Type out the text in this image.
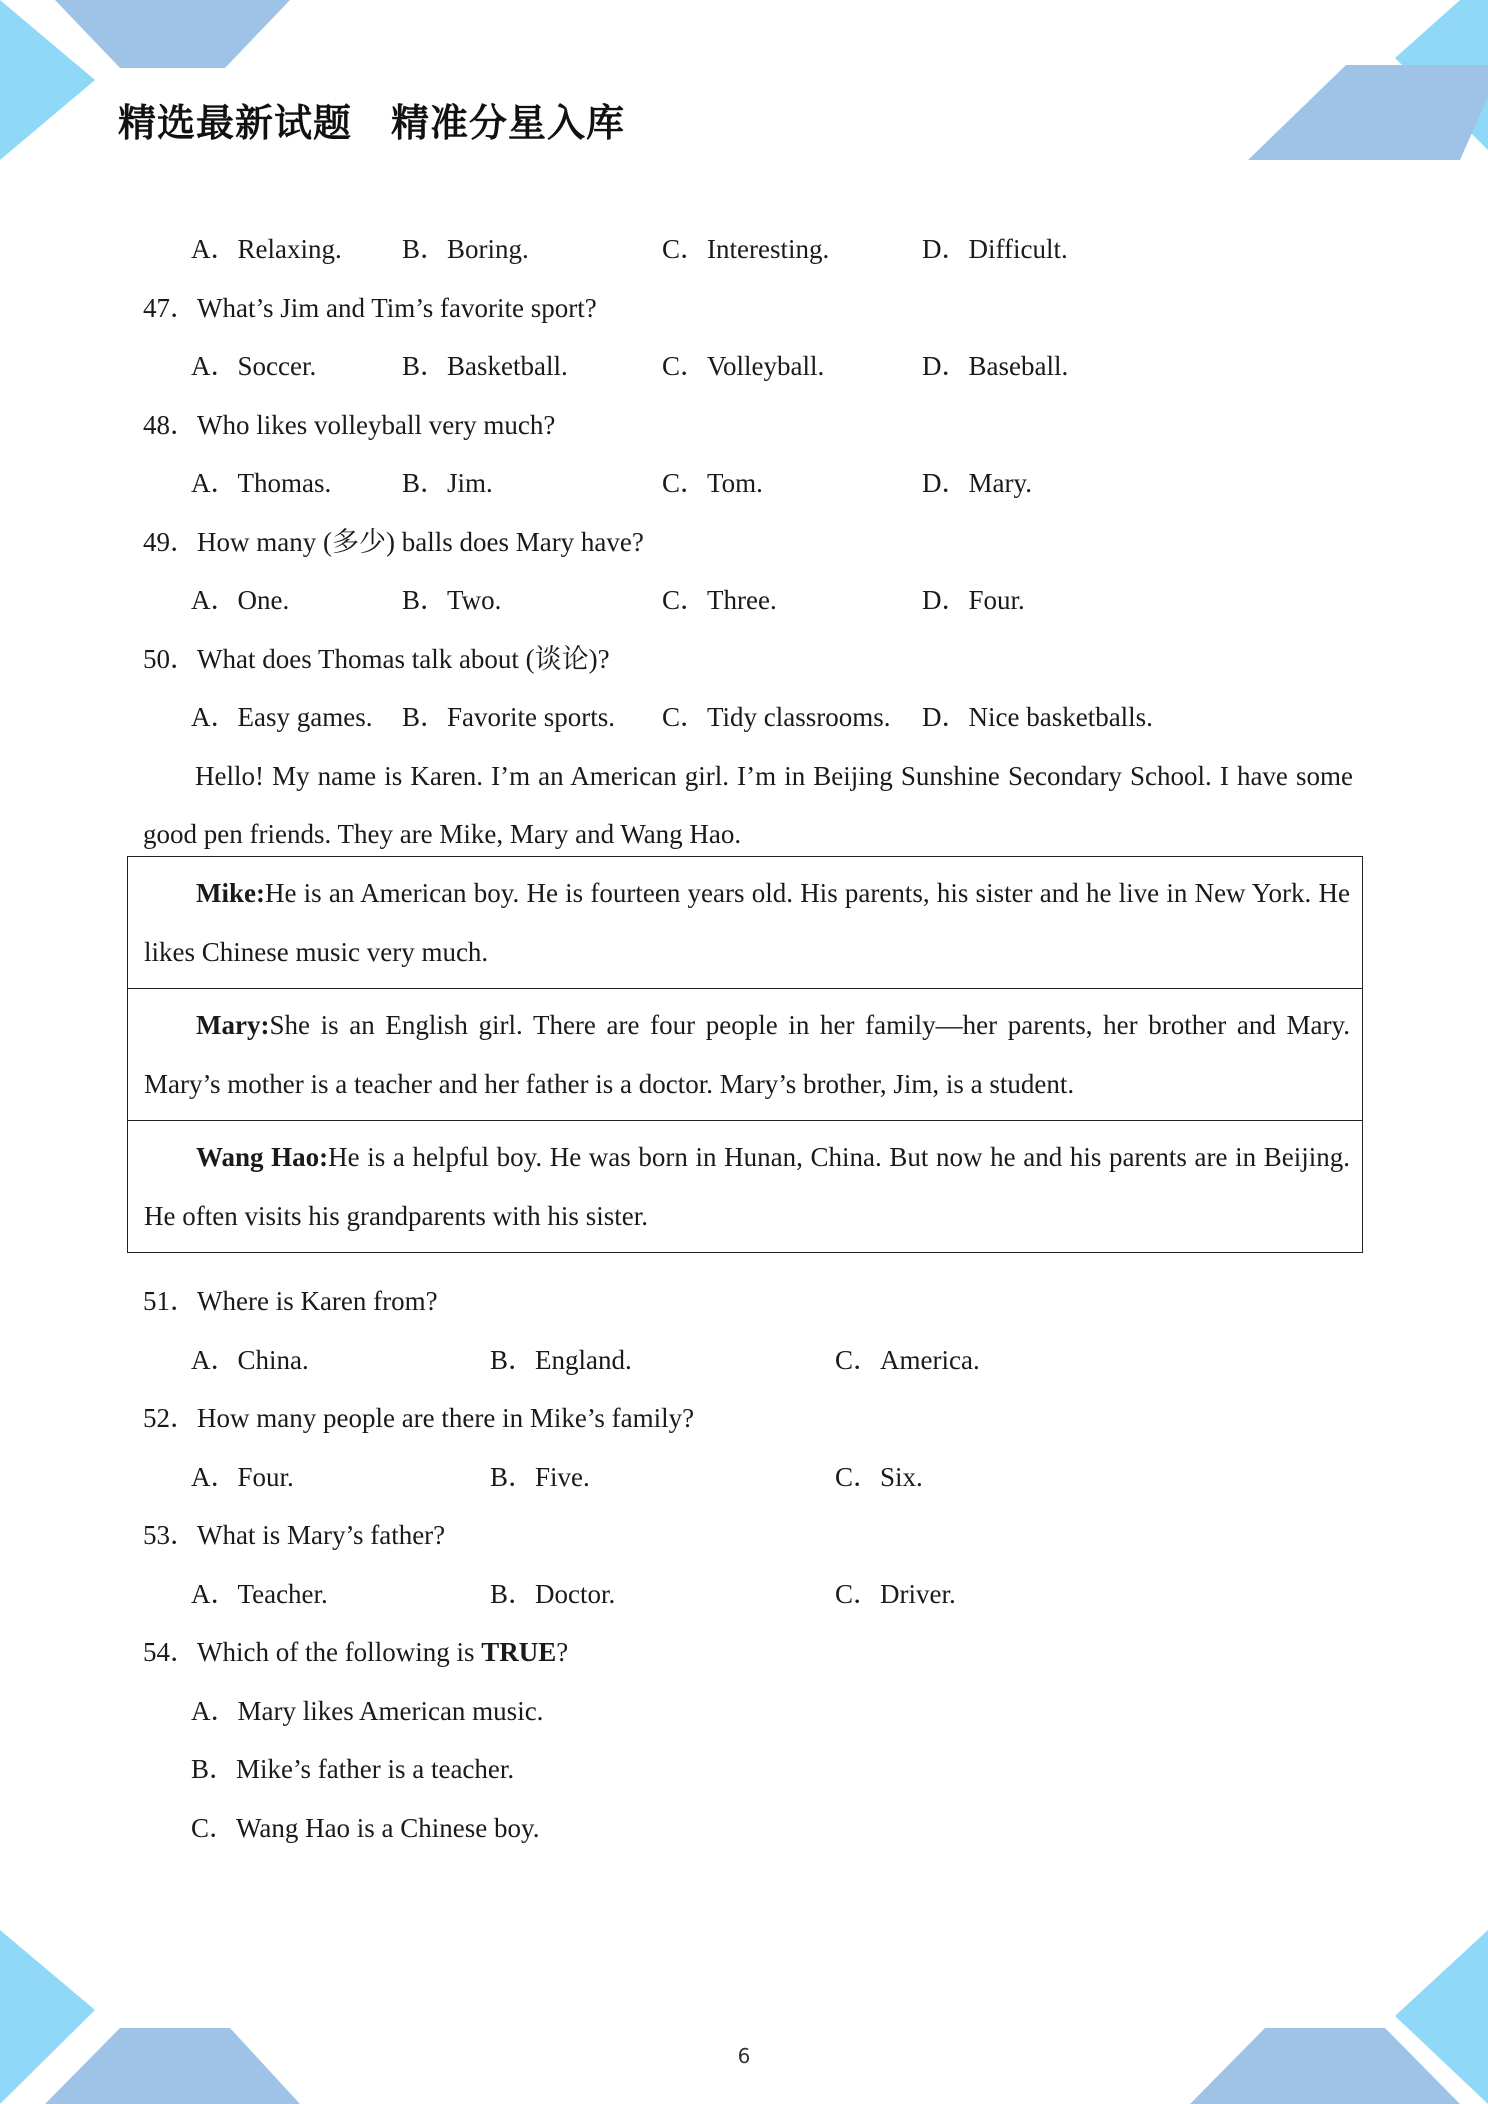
精选最新试题　精准分星入库
A．Relaxing. B．Boring.	C．Interesting.	D．Difficult.
47．What’s Jim and Tim’s favorite sport?
A．Soccer.	B．Basketball.	C．Volleyball.	D．Baseball.
48．Who likes volleyball very much?
A．Thomas.	B．Jim.	C．Tom.	D．Mary.
49．How many (多少) balls does Mary have?
A．One.	B．Two.	C．Three.	D．Four.
50．What does Thomas talk about (谈论)?
A．Easy games. B．Favorite sports. C．Tidy classrooms. D．Nice basketballs.
Hello! My name is Karen. I’m an American girl. I’m in Beijing Sunshine Secondary School. I have some good pen friends. They are Mike, Mary and Wang Hao.
Mike:He is an American boy. He is fourteen years old. His parents, his sister and he live in New York. He likes Chinese music very much.
Mary:She is an English girl. There are four people in her family—her parents, her brother and Mary. Mary’s mother is a teacher and her father is a doctor. Mary’s brother, Jim, is a student.
Wang Hao:He is a helpful boy. He was born in Hunan, China. But now he and his parents are in Beijing. He often visits his grandparents with his sister.
51．Where is Karen from?
A．China.	B．England.	C．America.
52．How many people are there in Mike’s family?
A．Four.	B．Five.	C．Six.
53．What is Mary’s father?
A．Teacher.	B．Doctor.	C．Driver.
54．Which of the following is TRUE?
A．Mary likes American music.
B．Mike’s father is a teacher.
C．Wang Hao is a Chinese boy.
6
